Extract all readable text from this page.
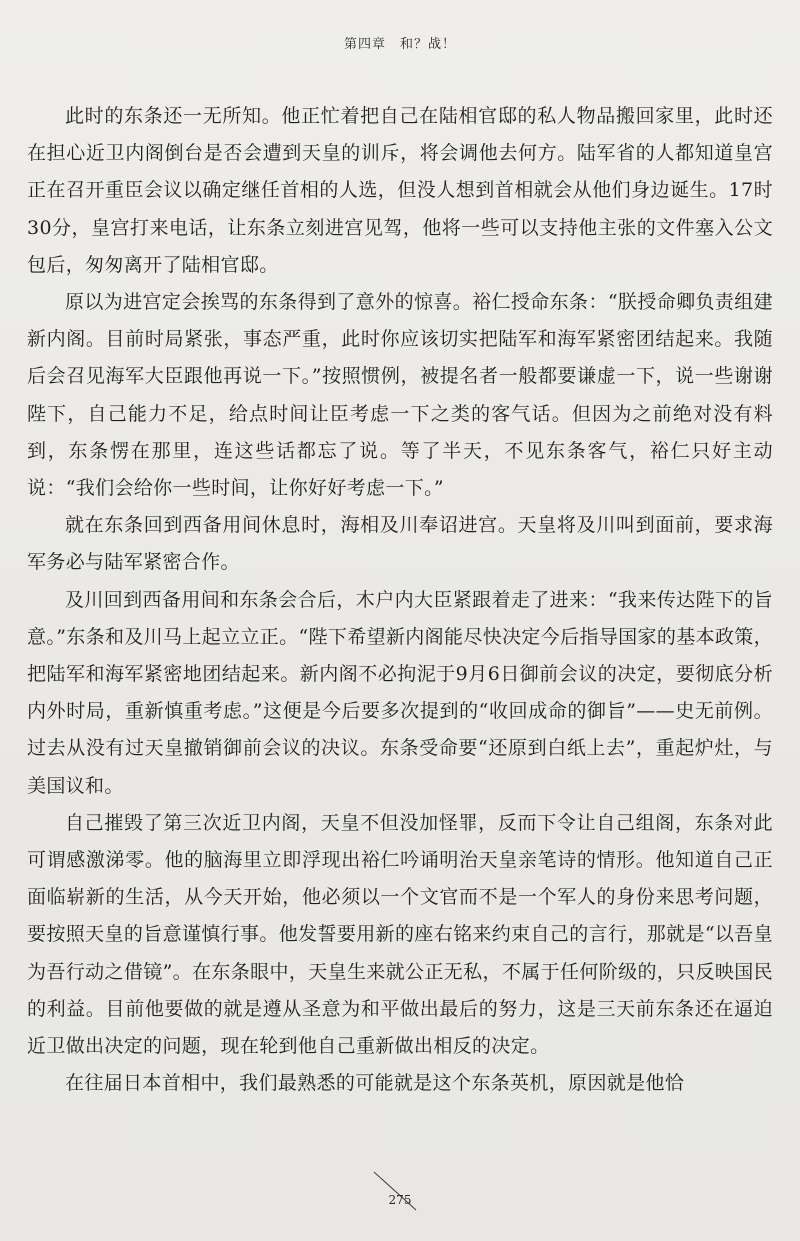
第四章　和？战！

此时的东条还一无所知。他正忙着把自己在陆相官邸的私人物品搬回家里，此时还在担心近卫内阁倒台是否会遭到天皇的训斥，将会调他去何方。陆军省的人都知道皇宫正在召开重臣会议以确定继任首相的人选，但没人想到首相就会从他们身边诞生。17时30分，皇宫打来电话，让东条立刻进宫见驾，他将一些可以支持他主张的文件塞入公文包后，匆匆离开了陆相官邸。

原以为进宫定会挨骂的东条得到了意外的惊喜。裕仁授命东条：“朕授命卿负责组建新内阁。目前时局紧张，事态严重，此时你应该切实把陆军和海军紧密团结起来。我随后会召见海军大臣跟他再说一下。”按照惯例，被提名者一般都要谦虚一下，说一些谢谢陛下，自己能力不足，给点时间让臣考虑一下之类的客气话。但因为之前绝对没有料到，东条愣在那里，连这些话都忘了说。等了半天，不见东条客气，裕仁只好主动说：“我们会给你一些时间，让你好好考虑一下。”

就在东条回到西备用间休息时，海相及川奉诏进宫。天皇将及川叫到面前，要求海军务必与陆军紧密合作。

及川回到西备用间和东条会合后，木户内大臣紧跟着走了进来：“我来传达陛下的旨意。”东条和及川马上起立立正。“陛下希望新内阁能尽快决定今后指导国家的基本政策，把陆军和海军紧密地团结起来。新内阁不必拘泥于9月6日御前会议的决定，要彻底分析内外时局，重新慎重考虑。”这便是今后要多次提到的“收回成命的御旨”——史无前例。过去从没有过天皇撤销御前会议的决议。东条受命要“还原到白纸上去”，重起炉灶，与美国议和。

自己摧毁了第三次近卫内阁，天皇不但没加怪罪，反而下令让自己组阁，东条对此可谓感激涕零。他的脑海里立即浮现出裕仁吟诵明治天皇亲笔诗的情形。他知道自己正面临崭新的生活，从今天开始，他必须以一个文官而不是一个军人的身份来思考问题，要按照天皇的旨意谨慎行事。他发誓要用新的座右铭来约束自己的言行，那就是“以吾皇为吾行动之借镜”。在东条眼中，天皇生来就公正无私，不属于任何阶级的，只反映国民的利益。目前他要做的就是遵从圣意为和平做出最后的努力，这是三天前东条还在逼迫近卫做出决定的问题，现在轮到他自己重新做出相反的决定。

在往届日本首相中，我们最熟悉的可能就是这个东条英机，原因就是他恰

275
